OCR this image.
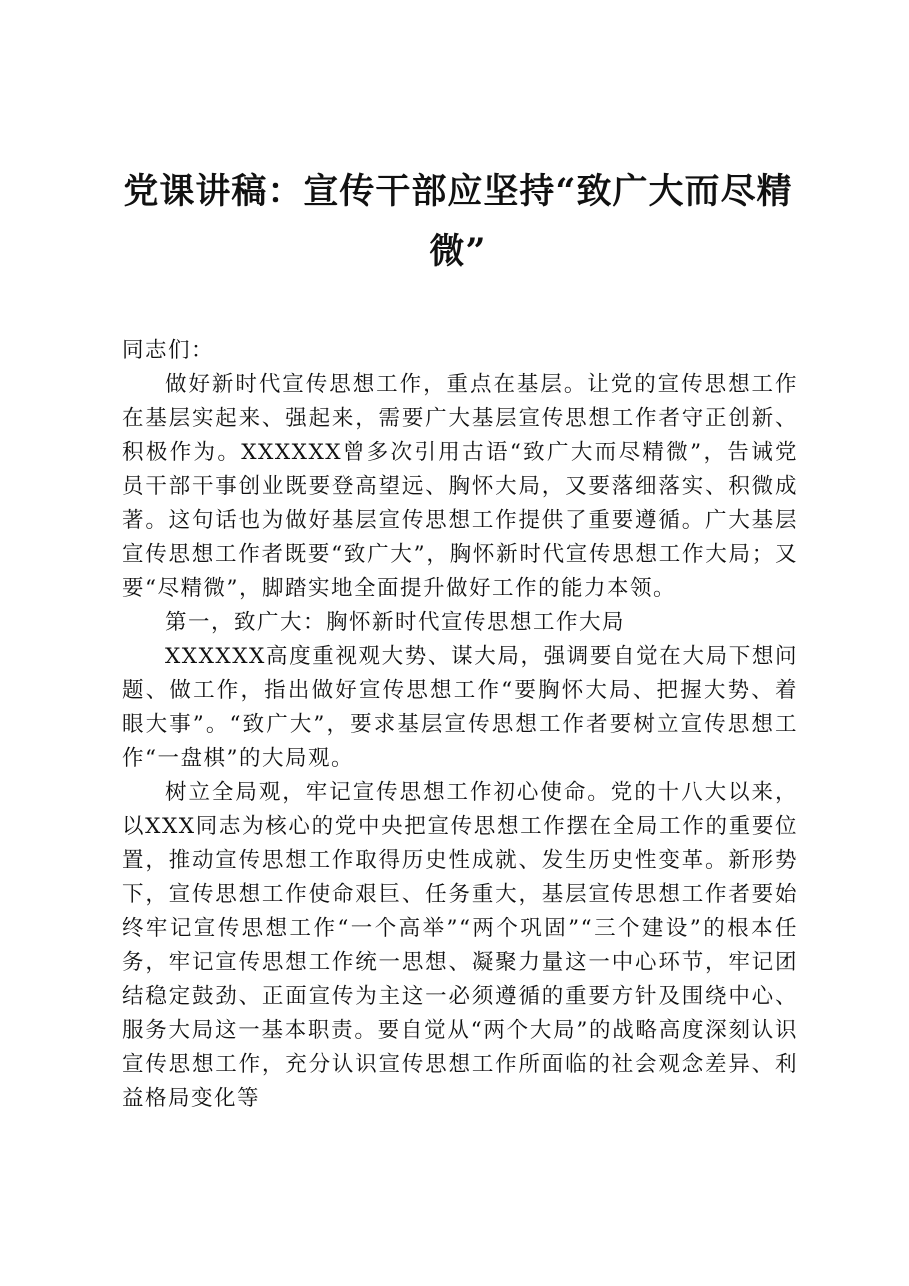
党课讲稿：宣传干部应坚持“致广大而尽精
微”

同志们：

做好新时代宣传思想工作，重点在基层。让党的宣传思想工作在基层实起来、强起来，需要广大基层宣传思想工作者守正创新、积极作为。XXXXXX曾多次引用古语“致广大而尽精微”，告诫党员干部干事创业既要登高望远、胸怀大局，又要落细落实、积微成著。这句话也为做好基层宣传思想工作提供了重要遵循。广大基层宣传思想工作者既要“致广大”，胸怀新时代宣传思想工作大局；又要“尽精微”，脚踏实地全面提升做好工作的能力本领。

第一，致广大：胸怀新时代宣传思想工作大局

XXXXXX高度重视观大势、谋大局，强调要自觉在大局下想问题、做工作，指出做好宣传思想工作“要胸怀大局、把握大势、着眼大事”。“致广大”，要求基层宣传思想工作者要树立宣传思想工作“一盘棋”的大局观。

树立全局观，牢记宣传思想工作初心使命。党的十八大以来，以XXX同志为核心的党中央把宣传思想工作摆在全局工作的重要位置，推动宣传思想工作取得历史性成就、发生历史性变革。新形势下，宣传思想工作使命艰巨、任务重大，基层宣传思想工作者要始终牢记宣传思想工作“一个高举”“两个巩固”“三个建设”的根本任务，牢记宣传思想工作统一思想、凝聚力量这一中心环节，牢记团结稳定鼓劲、正面宣传为主这一必须遵循的重要方针及围绕中心、服务大局这一基本职责。要自觉从“两个大局”的战略高度深刻认识宣传思想工作，充分认识宣传思想工作所面临的社会观念差异、利益格局变化等
